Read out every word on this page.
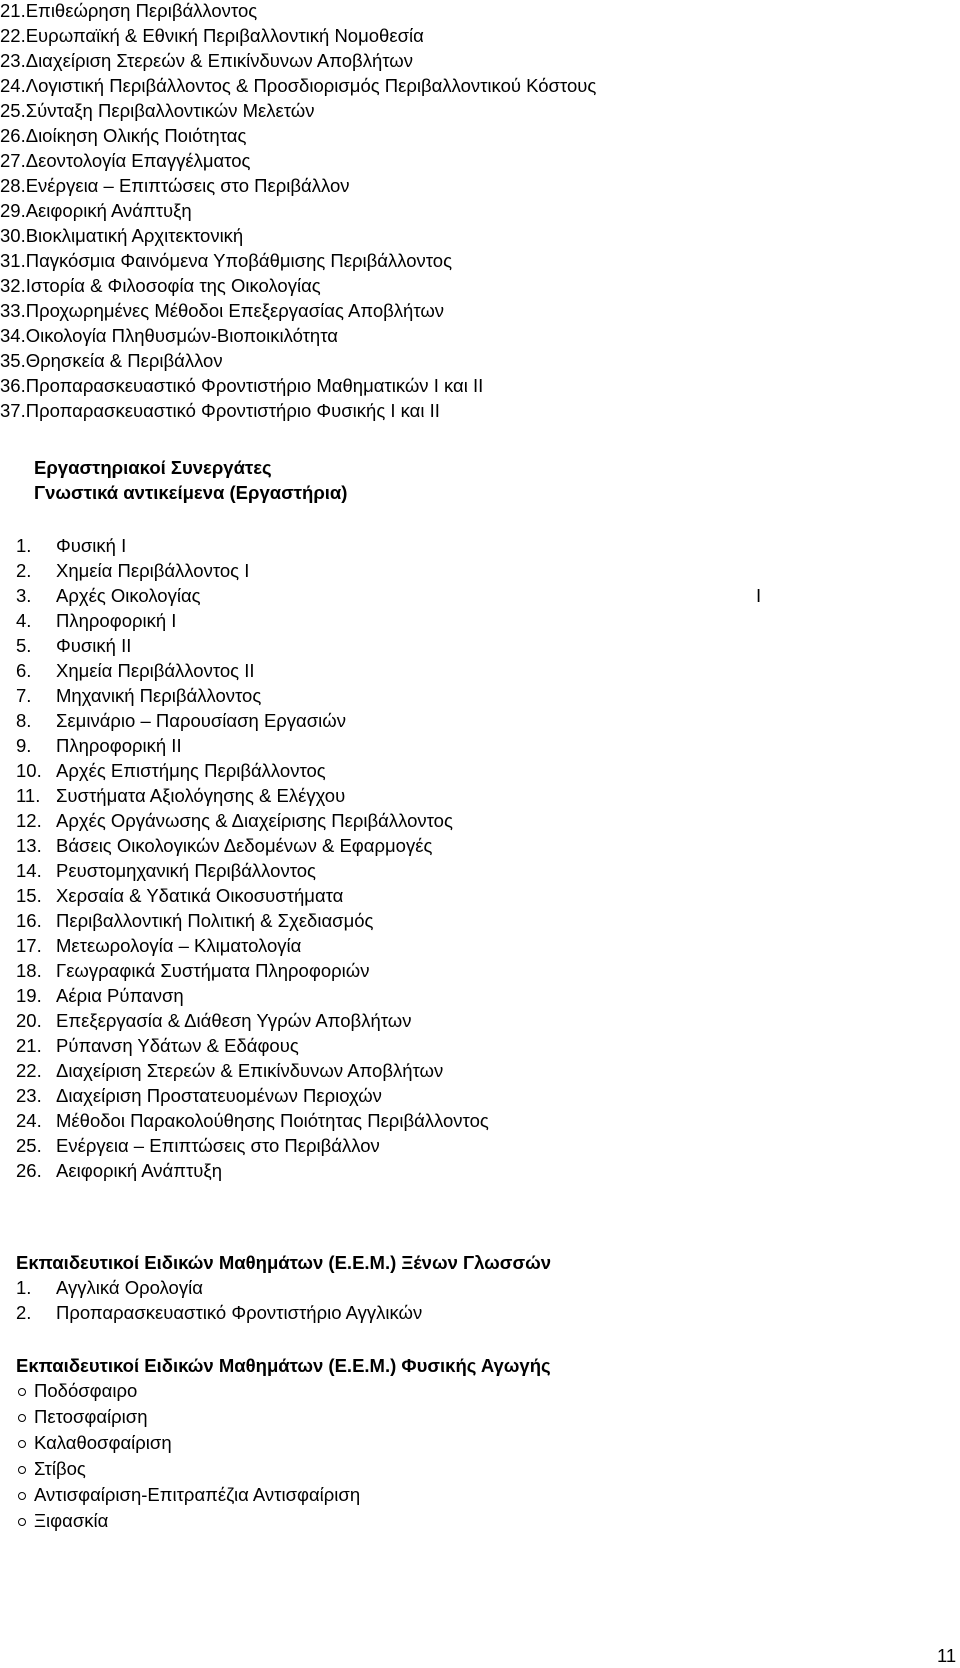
21.Επιθεώρηση Περιβάλλοντος
22.Ευρωπαϊκή & Εθνική Περιβαλλοντική Νομοθεσία
23.Διαχείριση Στερεών & Επικίνδυνων Αποβλήτων
24.Λογιστική Περιβάλλοντος & Προσδιορισμός Περιβαλλοντικού Κόστους
25.Σύνταξη Περιβαλλοντικών Μελετών
26.Διοίκηση Ολικής Ποιότητας
27.Δεοντολογία Επαγγέλματος
28.Ενέργεια – Επιπτώσεις στο Περιβάλλον
29.Αειφορική Ανάπτυξη
30.Βιοκλιματική Αρχιτεκτονική
31.Παγκόσμια Φαινόμενα Υποβάθμισης Περιβάλλοντος
32.Ιστορία & Φιλοσοφία της Οικολογίας
33.Προχωρημένες Μέθοδοι Επεξεργασίας Αποβλήτων
34.Οικολογία Πληθυσμών-Βιοποικιλότητα
35.Θρησκεία & Περιβάλλον
36.Προπαρασκευαστικό Φροντιστήριο Μαθηματικών Ι και ΙΙ
37.Προπαρασκευαστικό Φροντιστήριο Φυσικής Ι και ΙΙ
Εργαστηριακοί Συνεργάτες
Γνωστικά αντικείμενα (Εργαστήρια)
1. Φυσική Ι
2. Χημεία Περιβάλλοντος Ι
3. Αρχές Οικολογίας	Ι
4. Πληροφορική Ι
5. Φυσική ΙΙ
6. Χημεία Περιβάλλοντος ΙΙ
7. Μηχανική Περιβάλλοντος
8. Σεμινάριο – Παρουσίαση Εργασιών
9. Πληροφορική ΙΙ
10. Αρχές Επιστήμης Περιβάλλοντος
11. Συστήματα Αξιολόγησης & Ελέγχου
12. Αρχές Οργάνωσης & Διαχείρισης Περιβάλλοντος
13. Βάσεις Οικολογικών Δεδομένων & Εφαρμογές
14. Ρευστομηχανική Περιβάλλοντος
15. Χερσαία & Υδατικά Οικοσυστήματα
16. Περιβαλλοντική Πολιτική & Σχεδιασμός
17. Μετεωρολογία – Κλιματολογία
18. Γεωγραφικά Συστήματα Πληροφοριών
19. Αέρια Ρύπανση
20. Επεξεργασία & Διάθεση Υγρών Αποβλήτων
21. Ρύπανση Υδάτων & Εδάφους
22. Διαχείριση Στερεών & Επικίνδυνων Αποβλήτων
23. Διαχείριση Προστατευομένων Περιοχών
24. Μέθοδοι Παρακολούθησης Ποιότητας Περιβάλλοντος
25. Ενέργεια – Επιπτώσεις στο Περιβάλλον
26. Αειφορική Ανάπτυξη
Εκπαιδευτικοί Ειδικών Μαθημάτων (Ε.Ε.Μ.) Ξένων Γλωσσών
1. Αγγλικά Ορολογία
2. Προπαρασκευαστικό Φροντιστήριο Αγγλικών
Εκπαιδευτικοί Ειδικών Μαθημάτων (Ε.Ε.Μ.) Φυσικής Αγωγής
Ποδόσφαιρο
Πετοσφαίριση
Καλαθοσφαίριση
Στίβος
Αντισφαίριση-Επιτραπέζια Αντισφαίριση
Ξιφασκία
11
